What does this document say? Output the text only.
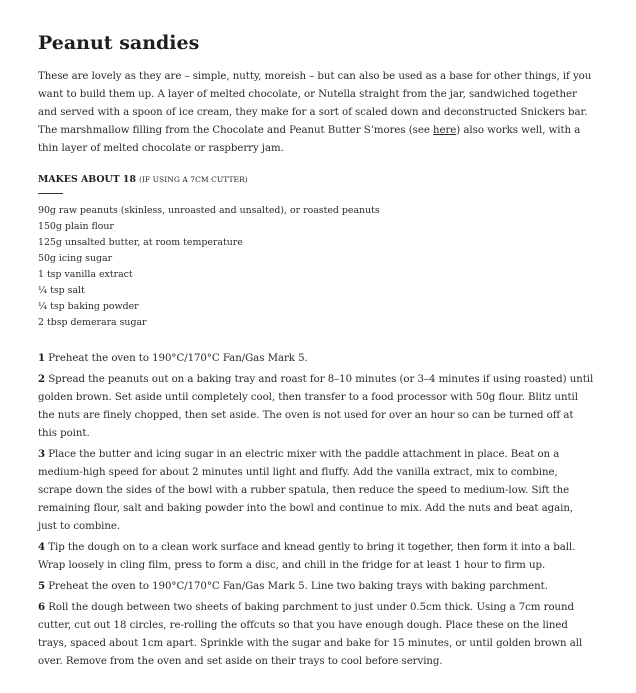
Peanut sandies

These are lovely as they are – simple, nutty, moreish – but can also be used as a base for other things, if you want to build them up. A layer of melted chocolate, or Nutella straight from the jar, sandwiched together and served with a spoon of ice cream, they make for a sort of scaled down and deconstructed Snickers bar. The marshmallow filling from the Chocolate and Peanut Butter S’mores (see here) also works well, with a thin layer of melted chocolate or raspberry jam.

MAKES ABOUT 18 (IF USING A 7CM CUTTER)
90g raw peanuts (skinless, unroasted and unsalted), or roasted peanuts
150g plain flour
125g unsalted butter, at room temperature
50g icing sugar
1 tsp vanilla extract
¼ tsp salt
¼ tsp baking powder
2 tbsp demerara sugar

1 Preheat the oven to 190°C/170°C Fan/Gas Mark 5.

2 Spread the peanuts out on a baking tray and roast for 8–10 minutes (or 3–4 minutes if using roasted) until golden brown. Set aside until completely cool, then transfer to a food processor with 50g flour. Blitz until the nuts are finely chopped, then set aside. The oven is not used for over an hour so can be turned off at this point.

3 Place the butter and icing sugar in an electric mixer with the paddle attachment in place. Beat on a medium-high speed for about 2 minutes until light and fluffy. Add the vanilla extract, mix to combine, scrape down the sides of the bowl with a rubber spatula, then reduce the speed to medium-low. Sift the remaining flour, salt and baking powder into the bowl and continue to mix. Add the nuts and beat again, just to combine.

4 Tip the dough on to a clean work surface and knead gently to bring it together, then form it into a ball. Wrap loosely in cling film, press to form a disc, and chill in the fridge for at least 1 hour to firm up.

5 Preheat the oven to 190°C/170°C Fan/Gas Mark 5. Line two baking trays with baking parchment.

6 Roll the dough between two sheets of baking parchment to just under 0.5cm thick. Using a 7cm round cutter, cut out 18 circles, re-rolling the offcuts so that you have enough dough. Place these on the lined trays, spaced about 1cm apart. Sprinkle with the sugar and bake for 15 minutes, or until golden brown all over. Remove from the oven and set aside on their trays to cool before serving.
